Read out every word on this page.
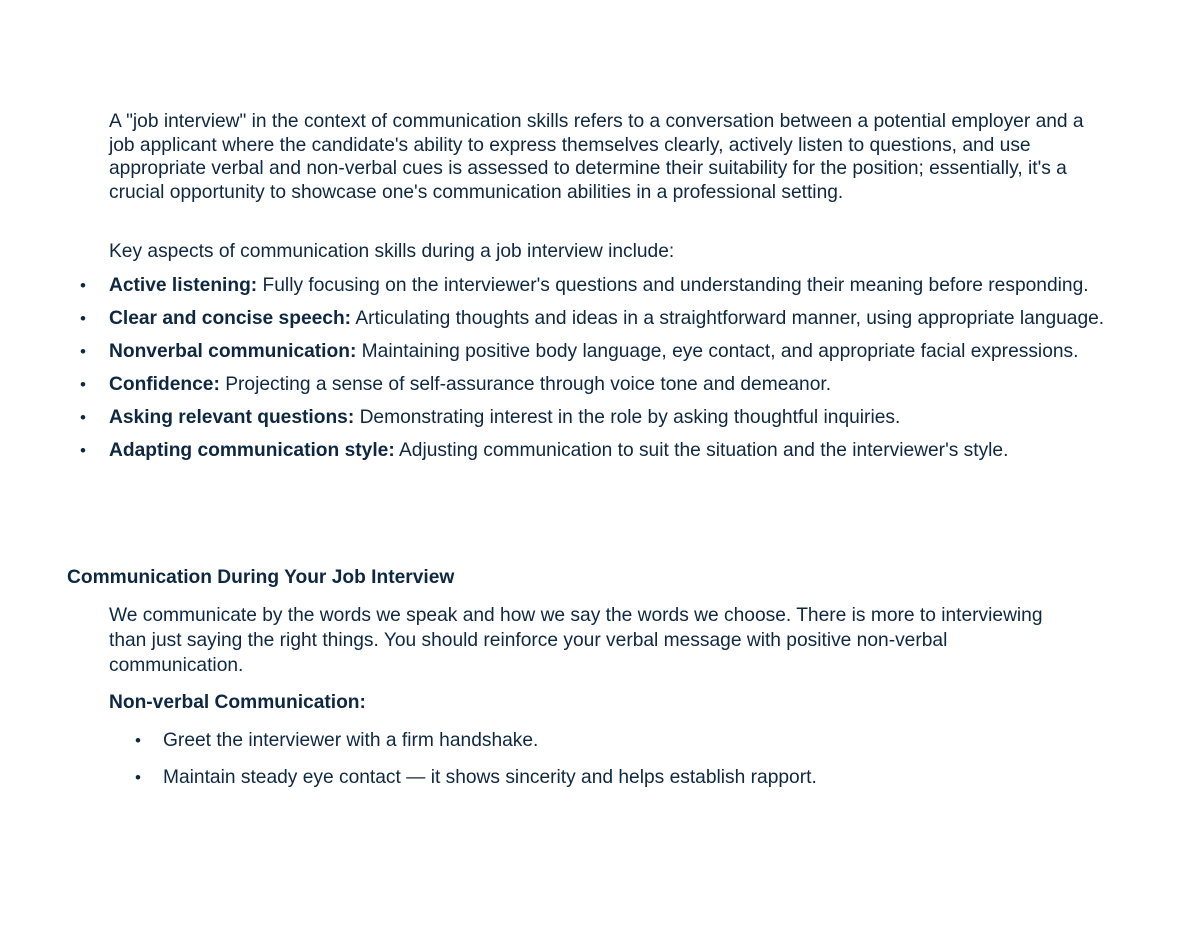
A "job interview" in the context of communication skills refers to a conversation between a potential employer and a job applicant where the candidate's ability to express themselves clearly, actively listen to questions, and use appropriate verbal and non-verbal cues is assessed to determine their suitability for the position; essentially, it's a crucial opportunity to showcase one's communication abilities in a professional setting.

Key aspects of communication skills during a job interview include:

• Active listening: Fully focusing on the interviewer's questions and understanding their meaning before responding.
• Clear and concise speech: Articulating thoughts and ideas in a straightforward manner, using appropriate language.
• Nonverbal communication: Maintaining positive body language, eye contact, and appropriate facial expressions.
• Confidence: Projecting a sense of self-assurance through voice tone and demeanor.
• Asking relevant questions: Demonstrating interest in the role by asking thoughtful inquiries.
• Adapting communication style: Adjusting communication to suit the situation and the interviewer's style.
Communication During Your Job Interview

We communicate by the words we speak and how we say the words we choose. There is more to interviewing than just saying the right things. You should reinforce your verbal message with positive non-verbal communication.

Non-verbal Communication:

• Greet the interviewer with a firm handshake.
• Maintain steady eye contact — it shows sincerity and helps establish rapport.
